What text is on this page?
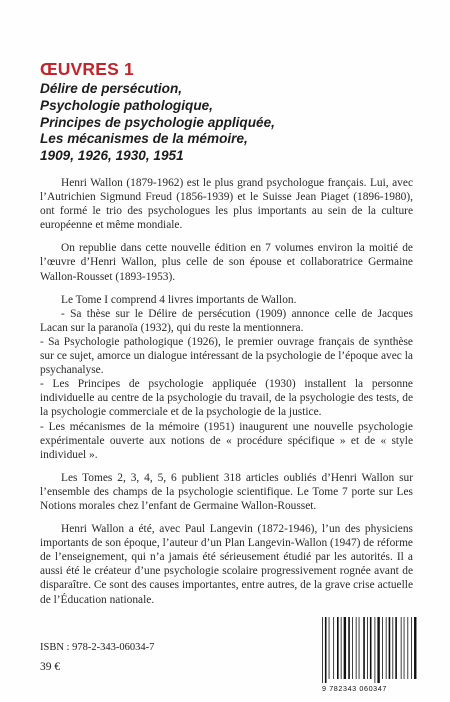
ŒUVRES 1
Délire de persécution,
Psychologie pathologique,
Principes de psychologie appliquée,
Les mécanismes de la mémoire,
1909, 1926, 1930, 1951

Henri Wallon (1879-1962) est le plus grand psychologue français. Lui, avec l’Autrichien Sigmund Freud (1856-1939) et le Suisse Jean Piaget (1896-1980), ont formé le trio des psychologues les plus importants au sein de la culture européenne et même mondiale.

On republie dans cette nouvelle édition en 7 volumes environ la moitié de l’œuvre d’Henri Wallon, plus celle de son épouse et collaboratrice Germaine Wallon-Rousset (1893-1953).

Le Tome I comprend 4 livres importants de Wallon.

- Sa thèse sur le Délire de persécution (1909) annonce celle de Jacques Lacan sur la paranoïa (1932), qui du reste la mentionnera.

- Sa Psychologie pathologique (1926), le premier ouvrage français de synthèse sur ce sujet, amorce un dialogue intéressant de la psychologie de l’époque avec la psychanalyse.

- Les Principes de psychologie appliquée (1930) installent la personne individuelle au centre de la psychologie du travail, de la psychologie des tests, de la psychologie commerciale et de la psychologie de la justice.

- Les mécanismes de la mémoire (1951) inaugurent une nouvelle psychologie expérimentale ouverte aux notions de « procédure spécifique » et de « style individuel ».

Les Tomes 2, 3, 4, 5, 6 publient 318 articles oubliés d’Henri Wallon sur l’ensemble des champs de la psychologie scientifique. Le Tome 7 porte sur Les Notions morales chez l’enfant de Germaine Wallon-Rousset.

Henri Wallon a été, avec Paul Langevin (1872-1946), l’un des physiciens importants de son époque, l’auteur d’un Plan Langevin-Wallon (1947) de réforme de l’enseignement, qui n’a jamais été sérieusement étudié par les autorités. Il a aussi été le créateur d’une psychologie scolaire progressivement rognée avant de disparaître. Ce sont des causes importantes, entre autres, de la grave crise actuelle de l’Éducation nationale.

ISBN : 978-2-343-06034-7
39 €
9 782343 060347
